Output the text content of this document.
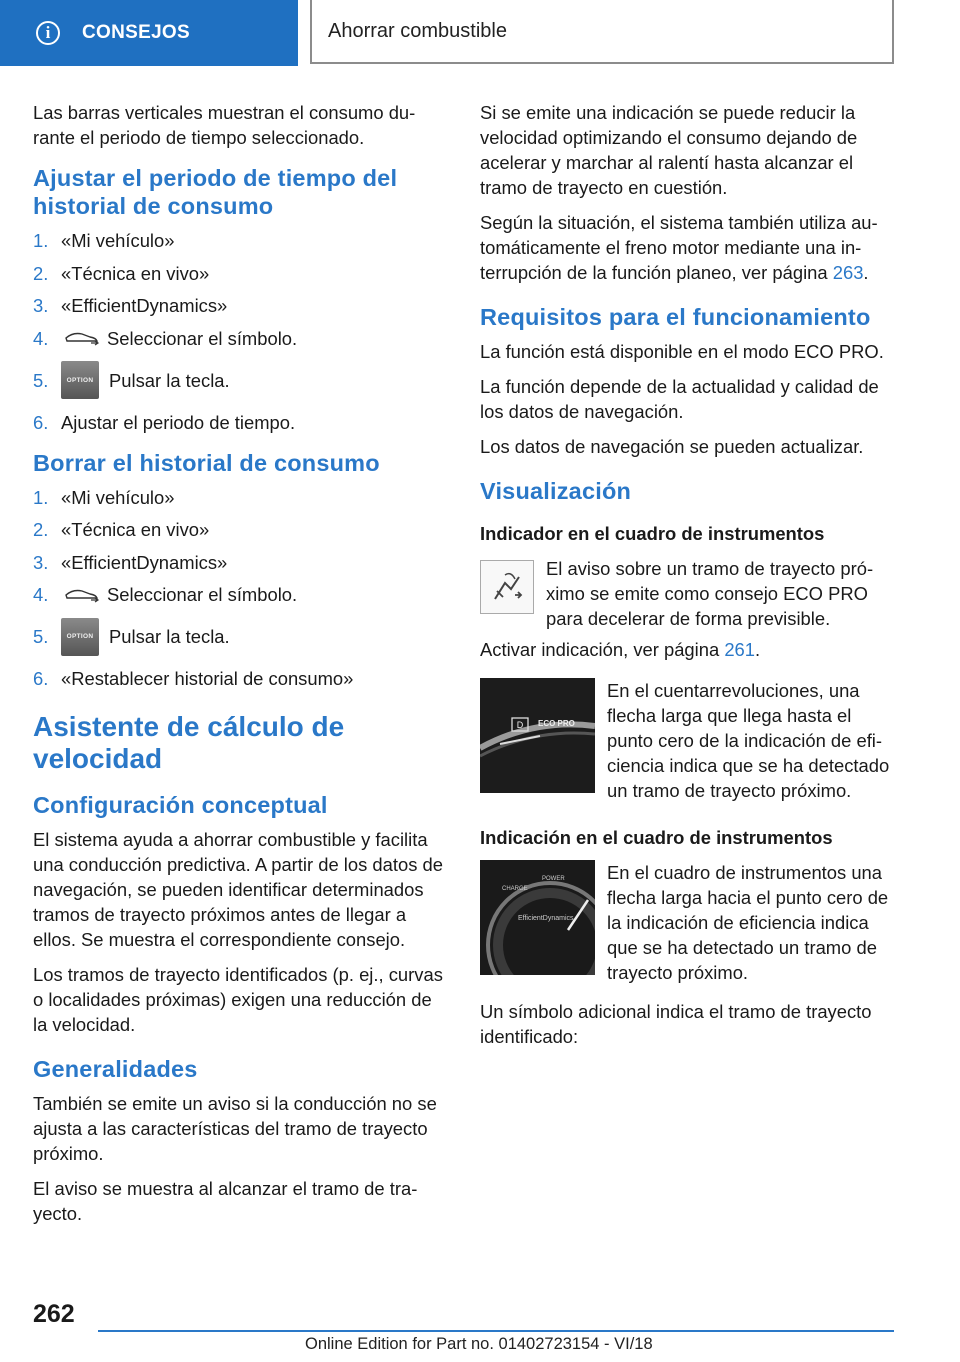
i CONSEJOS	Ahorrar combustible

Las barras verticales muestran el consumo durante el periodo de tiempo seleccionado.

Ajustar el periodo de tiempo del historial de consumo
1. «Mi vehículo»
2. «Técnica en vivo»
3. «EfficientDynamics»
4.	Seleccionar el símbolo.
5.	OPTION Pulsar la tecla.
6. Ajustar el periodo de tiempo.
Borrar el historial de consumo
1. «Mi vehículo»
2. «Técnica en vivo»
3. «EfficientDynamics»
4.	Seleccionar el símbolo.
5.	OPTION Pulsar la tecla.
6. «Restablecer historial de consumo»
Asistente de cálculo de velocidad
Configuración conceptual

El sistema ayuda a ahorrar combustible y facilita una conducción predictiva. A partir de los datos de navegación, se pueden identificar determinados tramos de trayecto próximos antes de llegar a ellos. Se muestra el correspondiente consejo.

Los tramos de trayecto identificados (p. ej., curvas o localidades próximas) exigen una reducción de la velocidad.

Generalidades

También se emite un aviso si la conducción no se ajusta a las características del tramo de trayecto próximo.

El aviso se muestra al alcanzar el tramo de trayecto.

Si se emite una indicación se puede reducir la velocidad optimizando el consumo dejando de acelerar y marchar al ralentí hasta alcanzar el tramo de trayecto en cuestión.

Según la situación, el sistema también utiliza automáticamente el freno motor mediante una interrupción de la función planeo, ver página 263.

Requisitos para el funcionamiento

La función está disponible en el modo ECO PRO.

La función depende de la actualidad y calidad de los datos de navegación.

Los datos de navegación se pueden actualizar.

Visualización
Indicador en el cuadro de instrumentos
El aviso sobre un tramo de trayecto próximo se emite como consejo ECO PRO para decelerar de forma previsible.

Activar indicación, ver página 261.

D ECO PRO
En el cuentarrevoluciones, una flecha larga que llega hasta el punto cero de la indicación de eficiencia indica que se ha detectado un tramo de trayecto próximo.
Indicación en el cuadro de instrumentos
CHARGE
POWER
EfficientDynamics
En el cuadro de instrumentos una flecha larga hacia el punto cero de la indicación de eficiencia indica que se ha detectado un tramo de trayecto próximo.

Un símbolo adicional indica el tramo de trayecto identificado:

262
Online Edition for Part no. 01402723154 - VI/18
